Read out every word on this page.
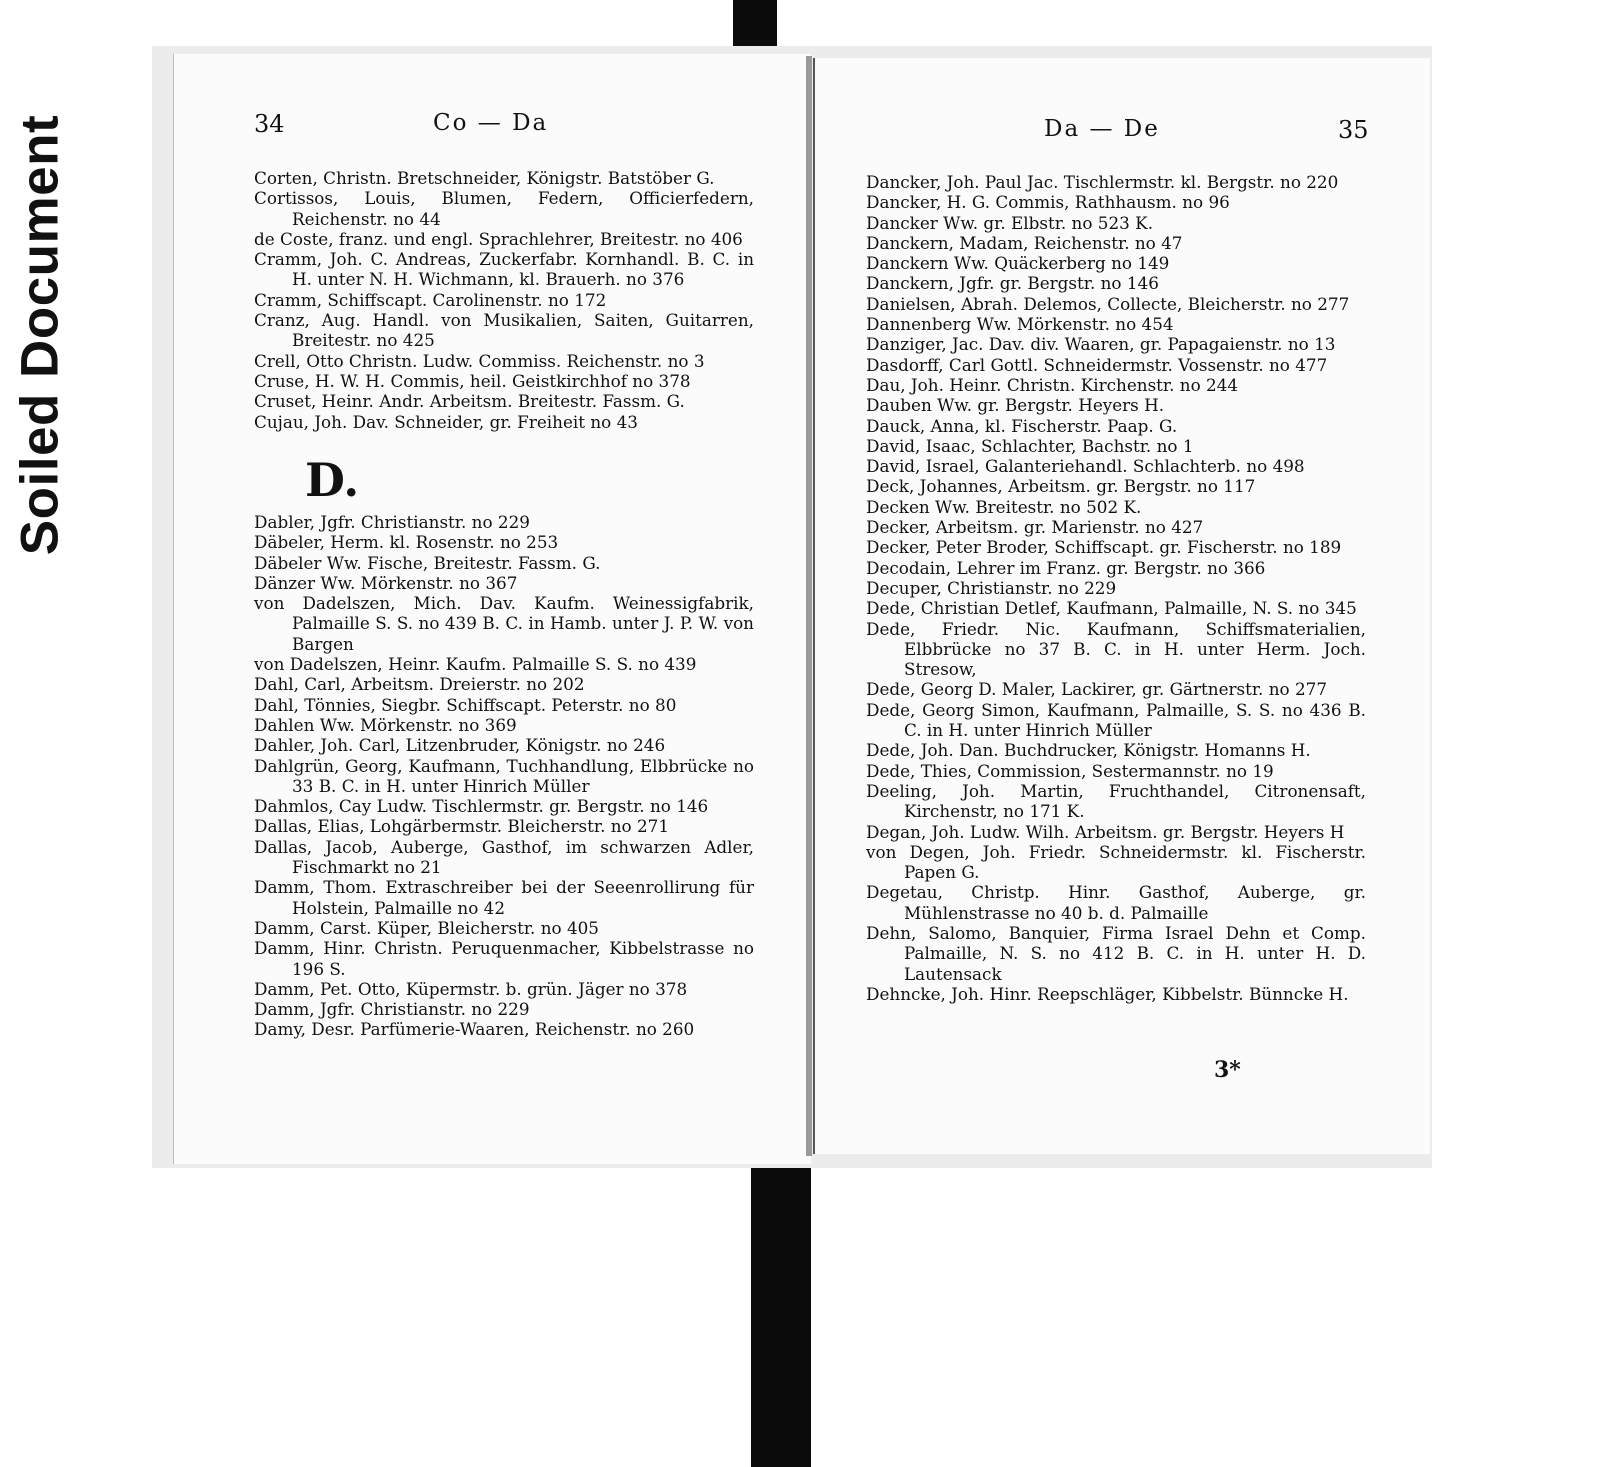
Soiled Document	34	Co — Da	Da — De	35
Corten, Christn. Bretschneider, Königstr. Batstöber G.
Cortissos, Louis, Blumen, Federn, Officierfedern, Reichenstr. no 44
de Coste, franz. und engl. Sprachlehrer, Breitestr. no 406
Cramm, Joh. C. Andreas, Zuckerfabr. Kornhandl. B. C. in H. unter N. H. Wichmann, kl. Brauerh. no 376
Cramm, Schiffscapt. Carolinenstr. no 172
Cranz, Aug. Handl. von Musikalien, Saiten, Guitarren, Breitestr. no 425
Crell, Otto Christn. Ludw. Commiss. Reichenstr. no 3
Cruse, H. W. H. Commis, heil. Geistkirchhof no 378
Cruset, Heinr. Andr. Arbeitsm. Breitestr. Fassm. G.
Cujau, Joh. Dav. Schneider, gr. Freiheit no 43
D.
Dabler, Jgfr. Christianstr. no 229
Däbeler, Herm. kl. Rosenstr. no 253
Däbeler Ww. Fische, Breitestr. Fassm. G.
Dänzer Ww. Mörkenstr. no 367
von Dadelszen, Mich. Dav. Kaufm. Weinessigfabrik, Palmaille S. S. no 439 B. C. in Hamb. unter J. P. W. von Bargen
von Dadelszen, Heinr. Kaufm. Palmaille S. S. no 439
Dahl, Carl, Arbeitsm. Dreierstr. no 202
Dahl, Tönnies, Siegbr. Schiffscapt. Peterstr. no 80
Dahlen Ww. Mörkenstr. no 369
Dahler, Joh. Carl, Litzenbruder, Königstr. no 246
Dahlgrün, Georg, Kaufmann, Tuchhandlung, Elbbrücke no 33 B. C. in H. unter Hinrich Müller
Dahmlos, Cay Ludw. Tischlermstr. gr. Bergstr. no 146
Dallas, Elias, Lohgärbermstr. Bleicherstr. no 271
Dallas, Jacob, Auberge, Gasthof, im schwarzen Adler, Fischmarkt no 21
Damm, Thom. Extraschreiber bei der Seeenrollirung für Holstein, Palmaille no 42
Damm, Carst. Küper, Bleicherstr. no 405
Damm, Hinr. Christn. Peruquenmacher, Kibbelstrasse no 196 S.
Damm, Pet. Otto, Küpermstr. b. grün. Jäger no 378
Damm, Jgfr. Christianstr. no 229
Damy, Desr. Parfümerie-Waaren, Reichenstr. no 260
Dancker, Joh. Paul Jac. Tischlermstr. kl. Bergstr. no 220
Dancker, H. G. Commis, Rathhausm. no 96
Dancker Ww. gr. Elbstr. no 523 K.
Danckern, Madam, Reichenstr. no 47
Danckern Ww. Quäckerberg no 149
Danckern, Jgfr. gr. Bergstr. no 146
Danielsen, Abrah. Delemos, Collecte, Bleicherstr. no 277
Dannenberg Ww. Mörkenstr. no 454
Danziger, Jac. Dav. div. Waaren, gr. Papagaienstr. no 13
Dasdorff, Carl Gottl. Schneidermstr. Vossenstr. no 477
Dau, Joh. Heinr. Christn. Kirchenstr. no 244
Dauben Ww. gr. Bergstr. Heyers H.
Dauck, Anna, kl. Fischerstr. Paap. G.
David, Isaac, Schlachter, Bachstr. no 1
David, Israel, Galanteriehandl. Schlachterb. no 498
Deck, Johannes, Arbeitsm. gr. Bergstr. no 117
Decken Ww. Breitestr. no 502 K.
Decker, Arbeitsm. gr. Marienstr. no 427
Decker, Peter Broder, Schiffscapt. gr. Fischerstr. no 189
Decodain, Lehrer im Franz. gr. Bergstr. no 366
Decuper, Christianstr. no 229
Dede, Christian Detlef, Kaufmann, Palmaille, N. S. no 345
Dede, Friedr. Nic. Kaufmann, Schiffsmaterialien, Elbbrücke no 37 B. C. in H. unter Herm. Joch. Stresow,
Dede, Georg D. Maler, Lackirer, gr. Gärtnerstr. no 277
Dede, Georg Simon, Kaufmann, Palmaille, S. S. no 436 B. C. in H. unter Hinrich Müller
Dede, Joh. Dan. Buchdrucker, Königstr. Homanns H.
Dede, Thies, Commission, Sestermannstr. no 19
Deeling, Joh. Martin, Fruchthandel, Citronensaft, Kirchenstr, no 171 K.
Degan, Joh. Ludw. Wilh. Arbeitsm. gr. Bergstr. Heyers H
von Degen, Joh. Friedr. Schneidermstr. kl. Fischerstr. Papen G.
Degetau, Christp. Hinr. Gasthof, Auberge, gr. Mühlenstrasse no 40 b. d. Palmaille
Dehn, Salomo, Banquier, Firma Israel Dehn et Comp. Palmaille, N. S. no 412 B. C. in H. unter H. D. Lautensack
Dehncke, Joh. Hinr. Reepschläger, Kibbelstr. Bünncke H.
3*
